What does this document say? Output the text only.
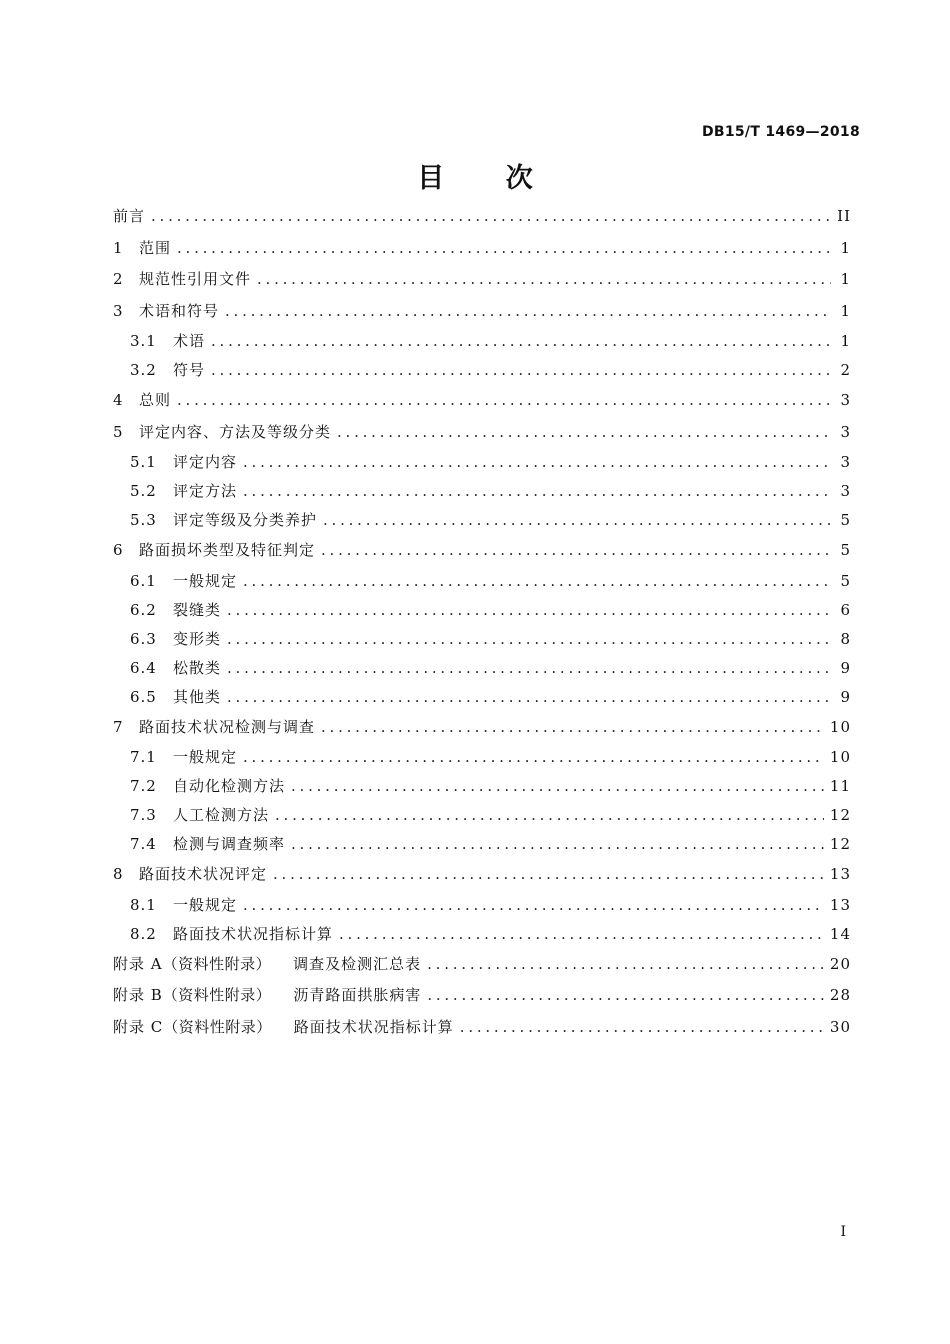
DB15/T 1469—2018
目 次
前言 . . .	II
1	范围 . . .	1
2	规范性引用文件 . . .	1
3	术语和符号 . . .	1
3.1	术语 . . .	1
3.2	符号 . . .	2
4	总则 . . .	3
5	评定内容、方法及等级分类 . . .	3
5.1	评定内容 . . .	3
5.2	评定方法 . . .	3
5.3	评定等级及分类养护 . . .	5
6	路面损坏类型及特征判定 . . .	5
6.1	一般规定 . . .	5
6.2	裂缝类 . . .	6
6.3	变形类 . . .	8
6.4	松散类 . . .	9
6.5	其他类 . . .	9
7	路面技术状况检测与调查 . . .	10
7.1	一般规定 . . .	10
7.2	自动化检测方法 . . .	11
7.3	人工检测方法 . . .	12
7.4	检测与调查频率 . . .	12
8	路面技术状况评定 . . .	13
8.1	一般规定 . . .	13
8.2	路面技术状况指标计算 . . .	14
附录 A （资料性附录）	调查及检测汇总表 . . .	20
附录 B （资料性附录）	沥青路面拱胀病害 . . .	28
附录 C （资料性附录）	路面技术状况指标计算 . . .	30
I
